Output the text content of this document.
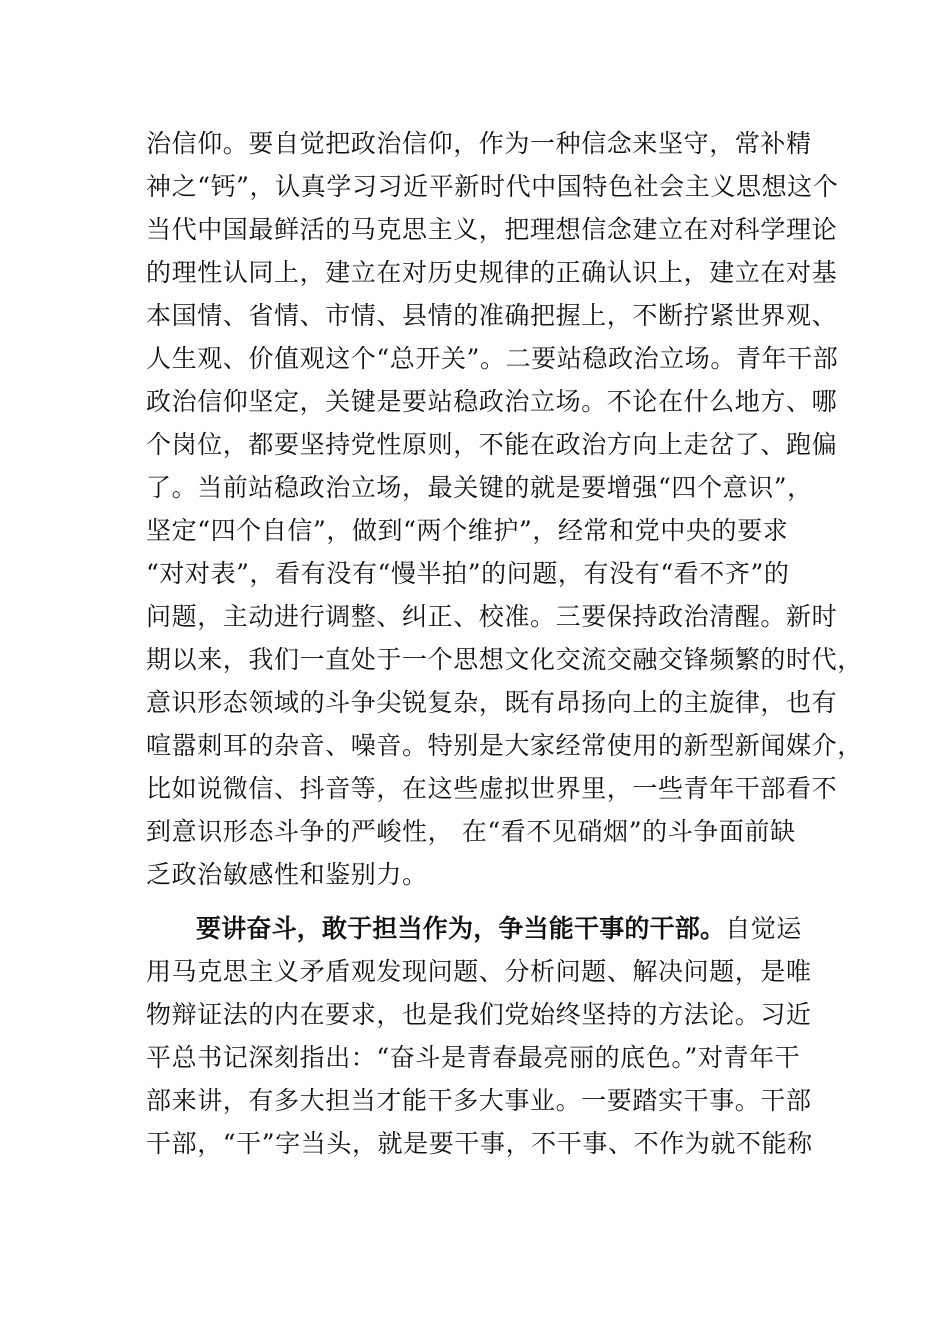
治信仰。要自觉把政治信仰，作为一种信念来坚守，常补精
神之“钙”，认真学习习近平新时代中国特色社会主义思想这个
当代中国最鲜活的马克思主义，把理想信念建立在对科学理论
的理性认同上，建立在对历史规律的正确认识上，建立在对基
本国情、省情、市情、县情的准确把握上，不断拧紧世界观、
人生观、价值观这个“总开关”。二要站稳政治立场。青年干部
政治信仰坚定，关键是要站稳政治立场。不论在什么地方、哪
个岗位，都要坚持党性原则，不能在政治方向上走岔了、跑偏
了。当前站稳政治立场，最关键的就是要增强“四个意识”，
坚定“四个自信”，做到“两个维护”，经常和党中央的要求
“对对表”，看有没有“慢半拍”的问题，有没有“看不齐”的
问题，主动进行调整、纠正、校准。三要保持政治清醒。新时
期以来，我们一直处于一个思想文化交流交融交锋频繁的时代，
意识形态领域的斗争尖锐复杂，既有昂扬向上的主旋律，也有
喧嚣刺耳的杂音、噪音。特别是大家经常使用的新型新闻媒介，
比如说微信、抖音等，在这些虚拟世界里，一些青年干部看不
到意识形态斗争的严峻性， 在“看不见硝烟”的斗争面前缺
乏政治敏感性和鉴别力。
要讲奋斗，敢于担当作为，争当能干事的干部。自觉运
用马克思主义矛盾观发现问题、分析问题、解决问题，是唯
物辩证法的内在要求，也是我们党始终坚持的方法论。习近
平总书记深刻指出：“奋斗是青春最亮丽的底色。”对青年干
部来讲，有多大担当才能干多大事业。一要踏实干事。干部
干部，“干”字当头，就是要干事，不干事、不作为就不能称
